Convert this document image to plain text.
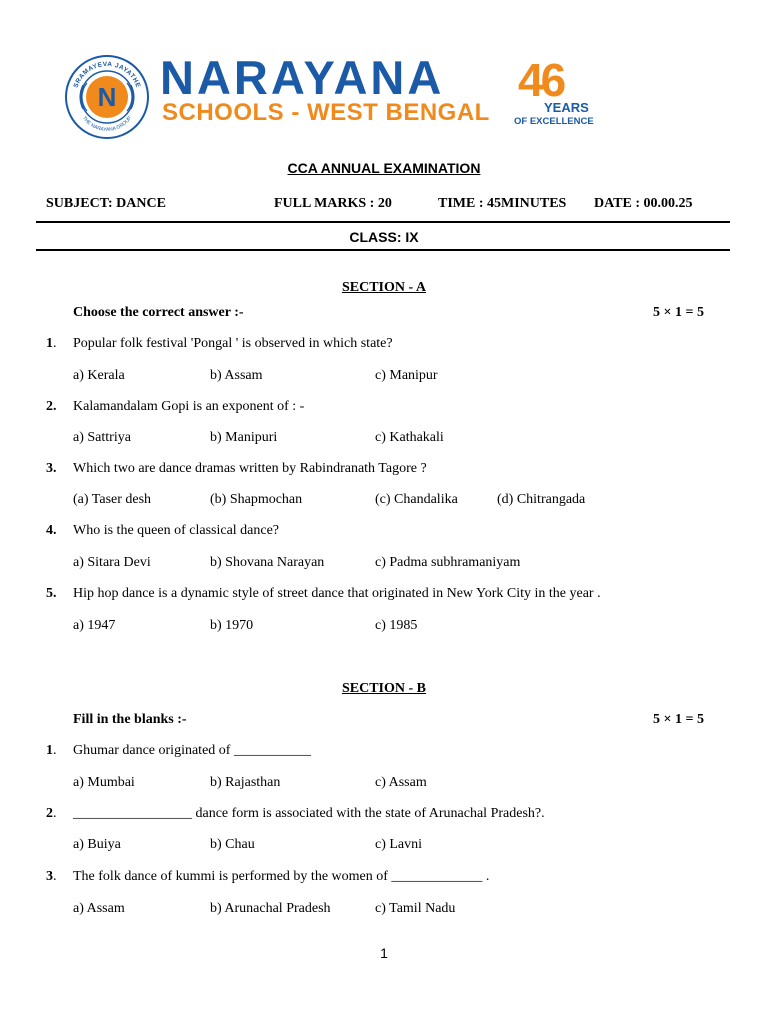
SRAMAYEVA JAYATHE
THE NARAYANA GROUP
N NARAYANA
SCHOOLS - WEST BENGAL
46
YEARS
OF EXCELLENCE
CCA ANNUAL EXAMINATION
SUBJECT: DANCE	FULL MARKS : 20	TIME : 45MINUTES DATE : 00.00.25
CLASS: IX
SECTION - A
Choose the correct answer :-	5 × 1 = 5
1. Popular folk festival 'Pongal ' is observed in which state?
a) Kerala	b) Assam	c) Manipur
2. Kalamandalam Gopi is an exponent of : -
a) Sattriya	b) Manipuri	c) Kathakali
3. Which two are dance dramas written by Rabindranath Tagore ?
(a) Taser desh	(b) Shapmochan	(c) Chandalika	(d) Chitrangada
4. Who is the queen of classical dance?
a) Sitara Devi	b) Shovana Narayan	c) Padma subhramaniyam
5. Hip hop dance is a dynamic style of street dance that originated in New York City in the year .
a) 1947	b) 1970	c) 1985
SECTION - B
Fill in the blanks :-	5 × 1 = 5
1. Ghumar dance originated of ___________
a) Mumbai	b) Rajasthan	c) Assam
2. _________________ dance form is associated with the state of Arunachal Pradesh?.
a) Buiya	b) Chau	c) Lavni
3. The folk dance of kummi is performed by the women of _____________ .
a) Assam	b) Arunachal Pradesh	c) Tamil Nadu
1
